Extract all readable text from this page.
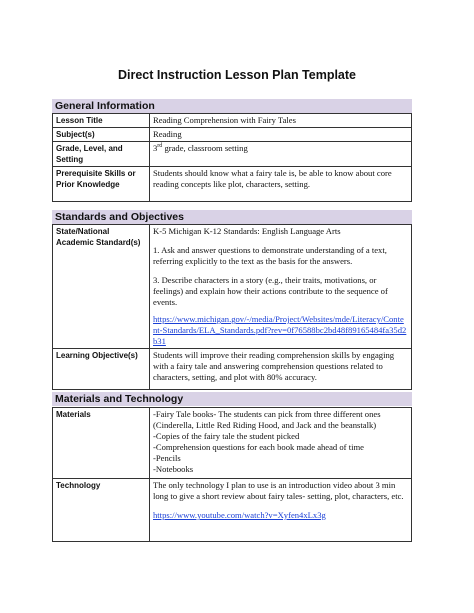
Direct Instruction Lesson Plan Template
General Information
Lesson Title	Reading Comprehension with Fairy Tales
Subject(s)	Reading
Grade, Level, and Setting	3rd grade, classroom setting
Prerequisite Skills or Prior Knowledge	Students should know what a fairy tale is, be able to know about core reading concepts like plot, characters, setting.
Standards and Objectives
State/National Academic Standard(s)	K-5 Michigan K-12 Standards: English Language Arts

1. Ask and answer questions to demonstrate understanding of a text, referring explicitly to the text as the basis for the answers.

3. Describe characters in a story (e.g., their traits, motivations, or feelings) and explain how their actions contribute to the sequence of events.

https://www.michigan.gov/-/media/Project/Websites/mde/Literacy/Content-Standards/ELA_Standards.pdf?rev=0f76588bc2bd48f89165484fa35d2b31

Learning Objective(s)	Students will improve their reading comprehension skills by engaging with a fairy tale and answering comprehension questions related to characters, setting, and plot with 80% accuracy.
Materials and Technology
Materials	-Fairy Tale books- The students can pick from three different ones (Cinderella, Little Red Riding Hood, and Jack and the beanstalk)
-Copies of the fairy tale the student picked
-Comprehension questions for each book made ahead of time
-Pencils
-Notebooks

Technology	The only technology I plan to use is an introduction video about 3 min long to give a short review about fairy tales- setting, plot, characters, etc.

https://www.youtube.com/watch?v=Xyfen4xLx3g
